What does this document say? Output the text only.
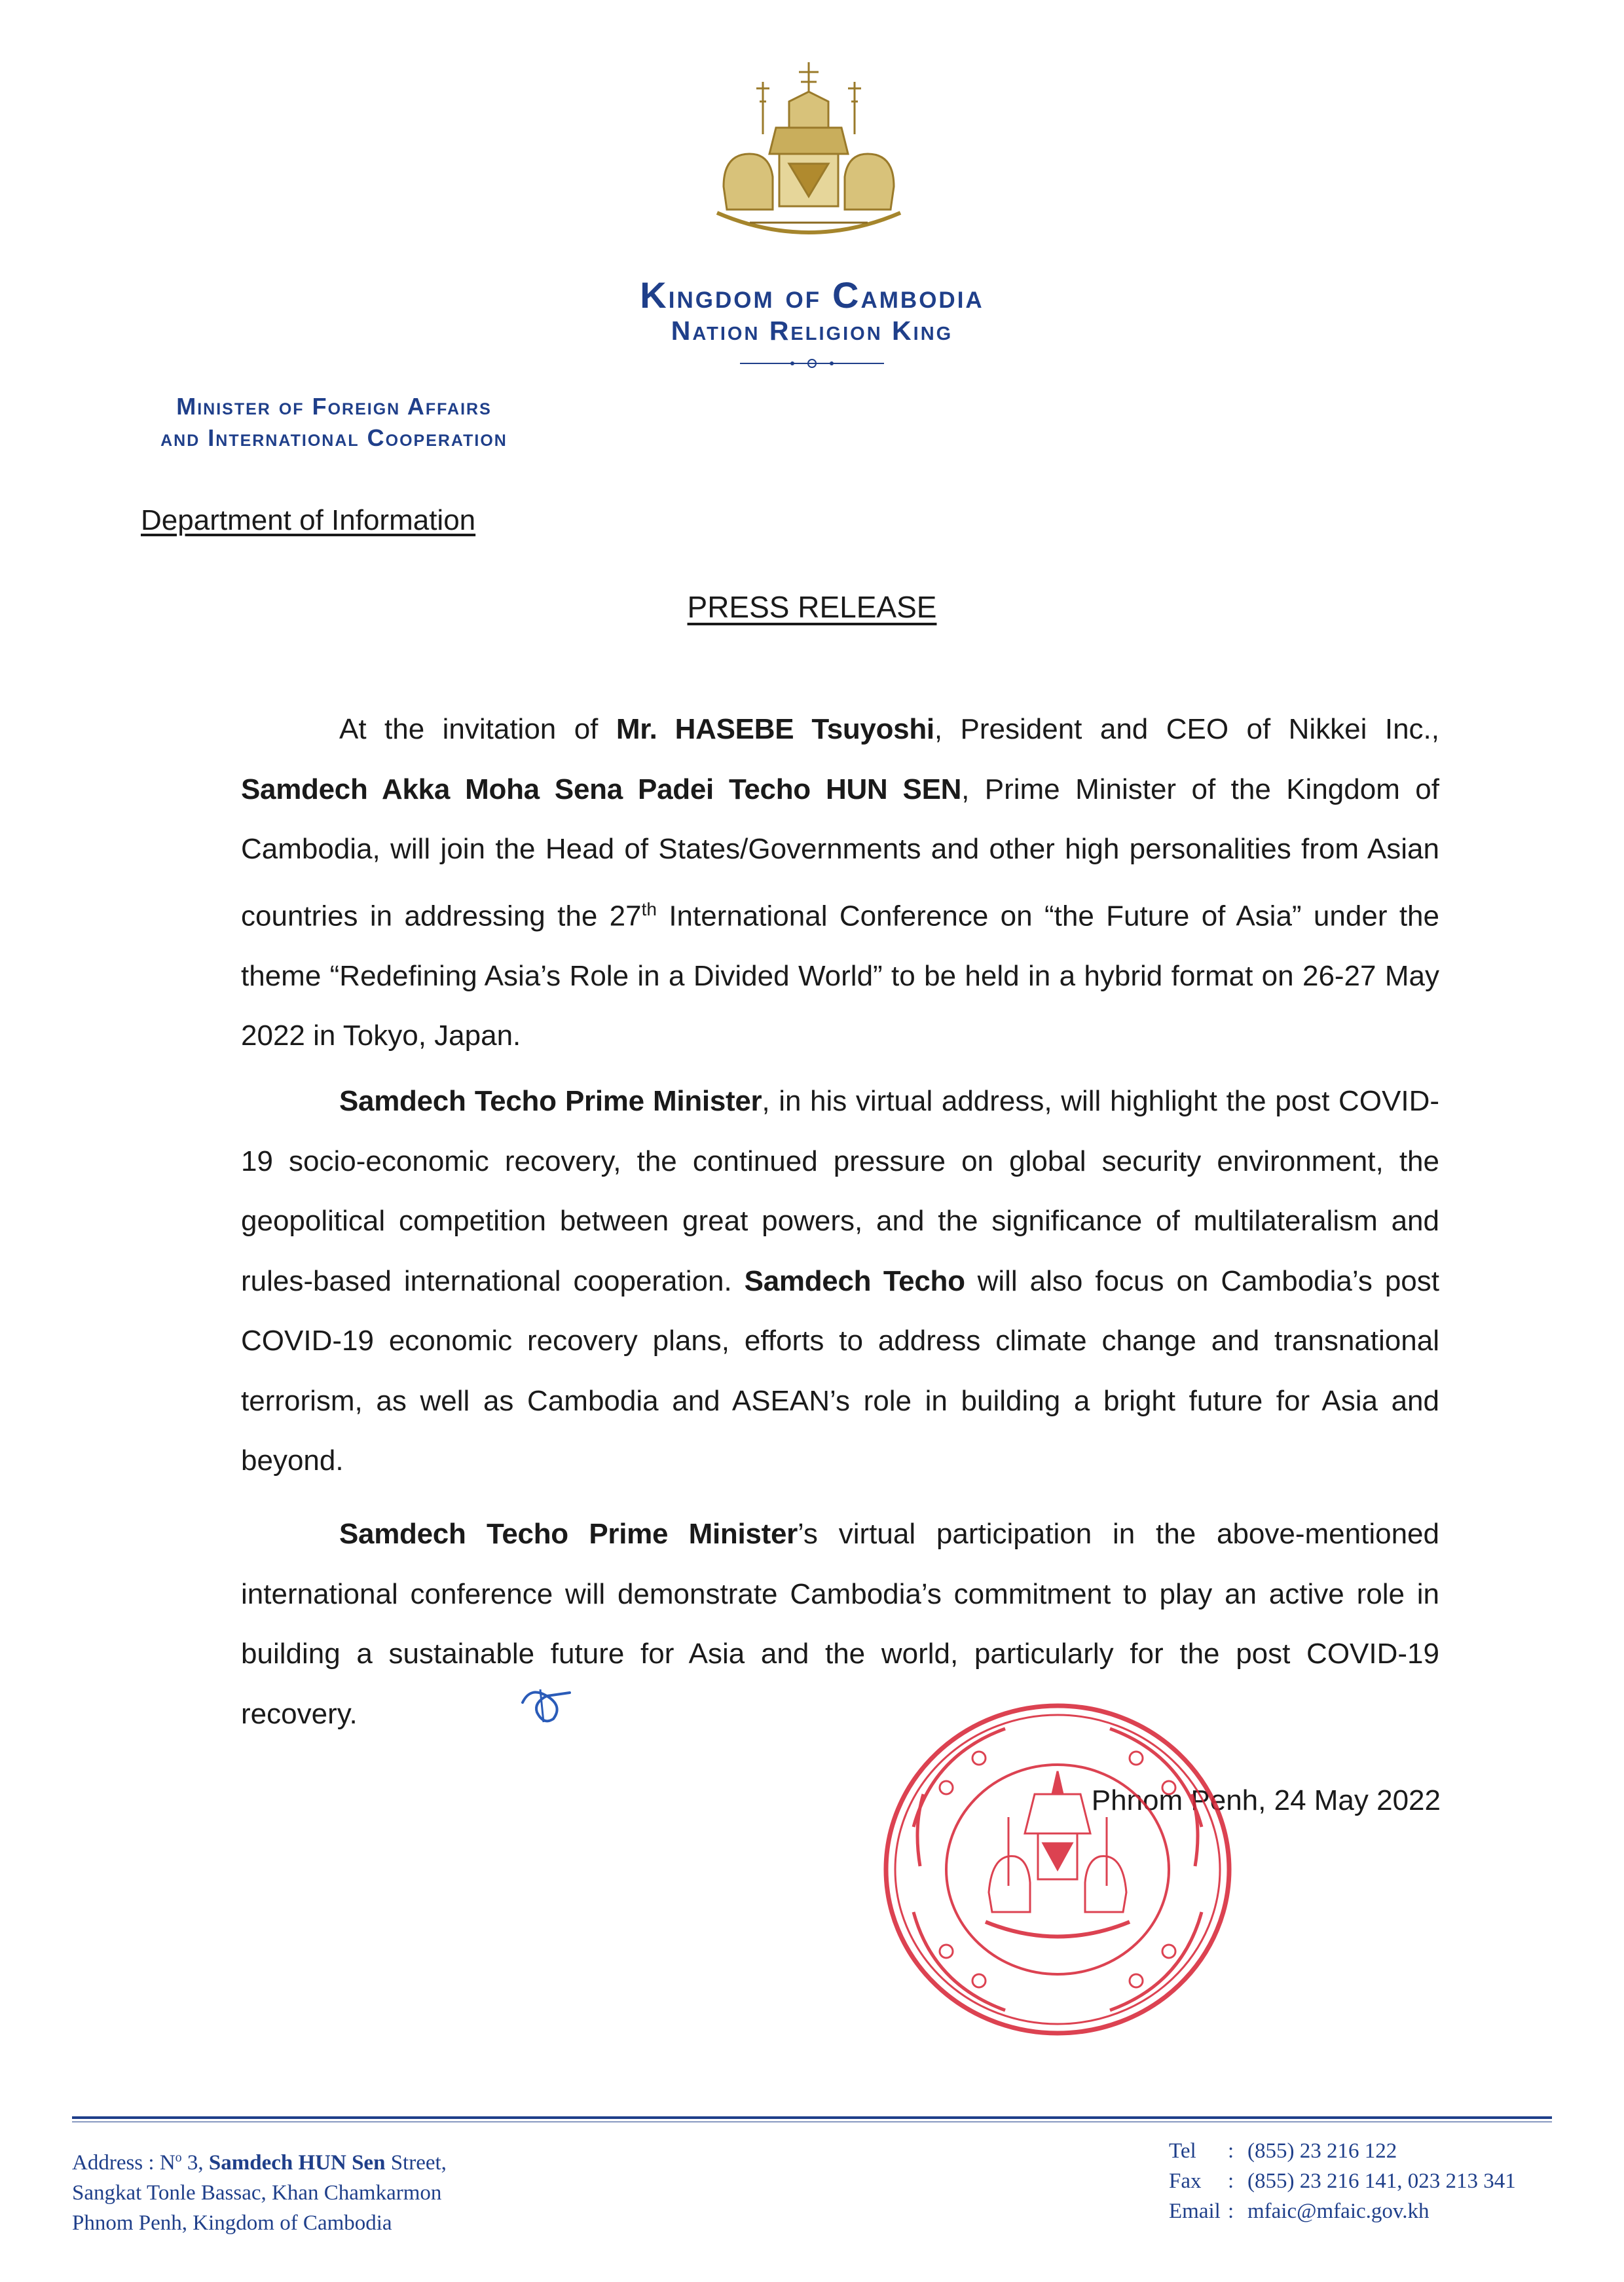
Kingdom of Cambodia
Nation Religion King
Minister of Foreign Affairs
and International Cooperation
Department of Information
PRESS RELEASE

At the invitation of Mr. HASEBE Tsuyoshi, President and CEO of Nikkei Inc., Samdech Akka Moha Sena Padei Techo HUN SEN, Prime Minister of the Kingdom of Cambodia, will join the Head of States/Governments and other high personalities from Asian countries in addressing the 27th International Conference on “the Future of Asia” under the theme “Redefining Asia’s Role in a Divided World” to be held in a hybrid format on 26-27 May 2022 in Tokyo, Japan.

Samdech Techo Prime Minister, in his virtual address, will highlight the post COVID-19 socio-economic recovery, the continued pressure on global security environment, the geopolitical competition between great powers, and the significance of multilateralism and rules-based international cooperation. Samdech Techo will also focus on Cambodia’s post COVID-19 economic recovery plans, efforts to address climate change and transnational terrorism, as well as Cambodia and ASEAN’s role in building a bright future for Asia and beyond.

Samdech Techo Prime Minister’s virtual participation in the above-mentioned international conference will demonstrate Cambodia’s commitment to play an active role in building a sustainable future for Asia and the world, particularly for the post COVID-19 recovery.

Phnom Penh, 24 May 2022
Address : $N^o$ 3, Samdech HUN Sen Street,
Sangkat Tonle Bassac, Khan Chamkarmon
Phnom Penh, Kingdom of Cambodia
Tel	: (855) 23 216 122
Fax	: (855) 23 216 141, 023 213 341
Email : mfaic@mfaic.gov.kh
